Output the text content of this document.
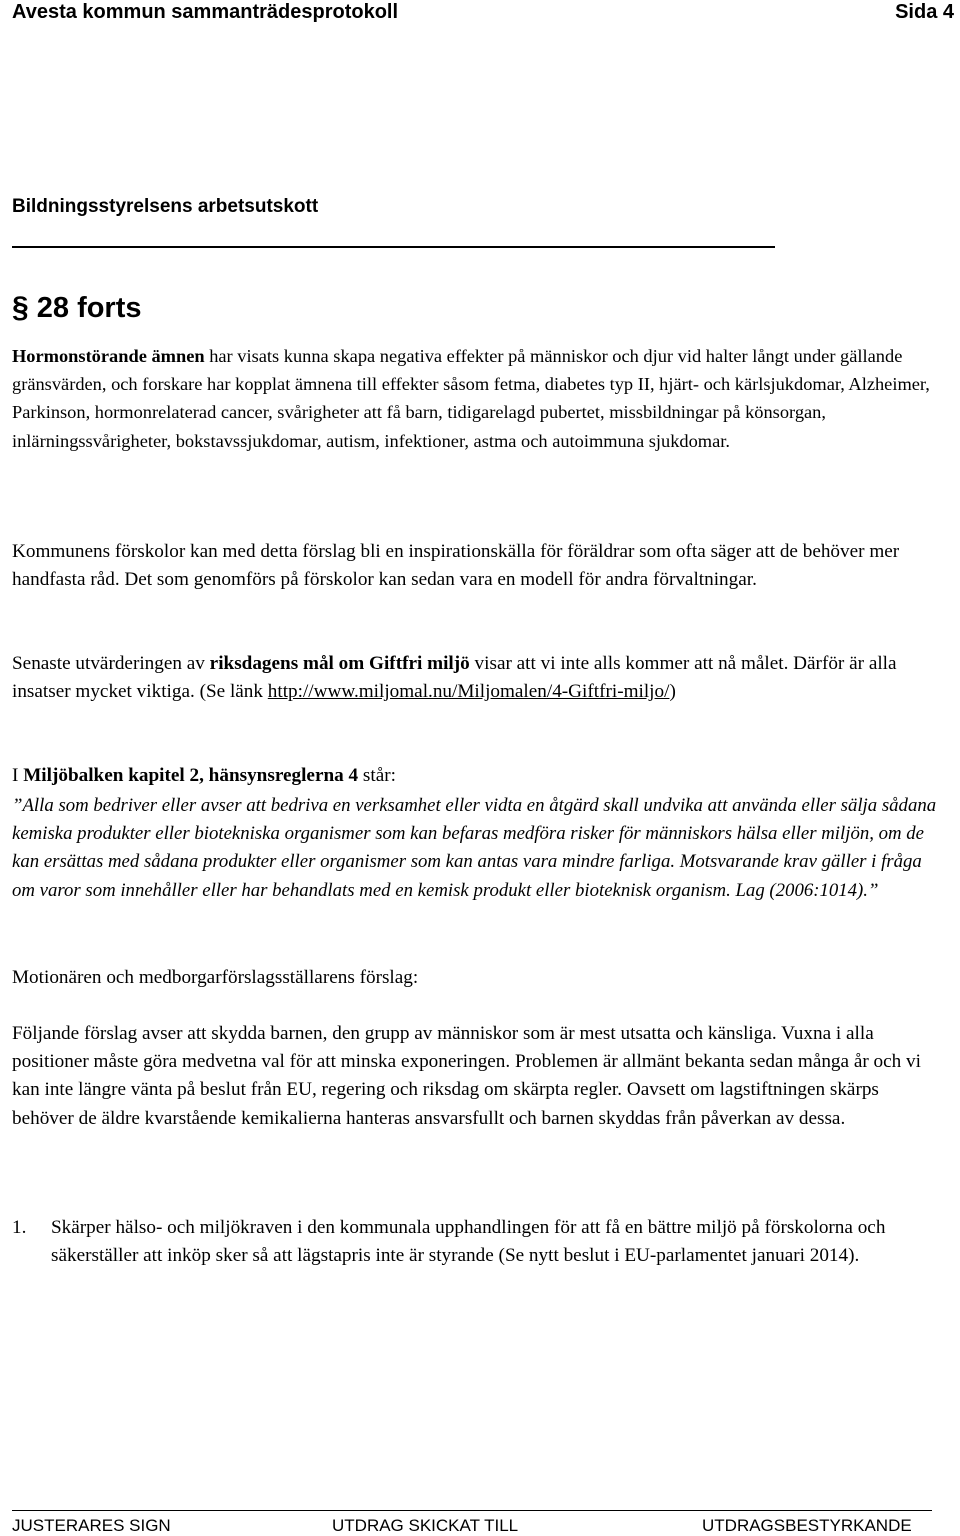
Avesta kommun sammanträdesprotokoll	Sida 4
Bildningsstyrelsens arbetsutskott
§ 28 forts

Hormonstörande ämnen har visats kunna skapa negativa effekter på människor och djur vid halter långt under gällande gränsvärden, och forskare har kopplat ämnena till effekter såsom fetma, diabetes typ II, hjärt- och kärlsjukdomar, Alzheimer, Parkinson, hormonrelaterad cancer, svårigheter att få barn, tidigarelagd pubertet, missbildningar på könsorgan, inlärningssvårigheter, bokstavssjukdomar, autism, infektioner, astma och autoimmuna sjukdomar.

Kommunens förskolor kan med detta förslag bli en inspirationskälla för föräldrar som ofta säger att de behöver mer handfasta råd. Det som genomförs på förskolor kan sedan vara en modell för andra förvaltningar.

Senaste utvärderingen av riksdagens mål om Giftfri miljö visar att vi inte alls kommer att nå målet. Därför är alla insatser mycket viktiga. (Se länk http://www.miljomal.nu/Miljomalen/4-Giftfri-miljo/)

I Miljöbalken kapitel 2, hänsynsreglerna 4 står:

”Alla som bedriver eller avser att bedriva en verksamhet eller vidta en åtgärd skall undvika att använda eller sälja sådana kemiska produkter eller biotekniska organismer som kan befaras medföra risker för människors hälsa eller miljön, om de kan ersättas med sådana produkter eller organismer som kan antas vara mindre farliga. Motsvarande krav gäller i fråga om varor som innehåller eller har behandlats med en kemisk produkt eller bioteknisk organism. Lag (2006:1014).”

Motionären och medborgarförslagsställarens förslag:

Följande förslag avser att skydda barnen, den grupp av människor som är mest utsatta och känsliga. Vuxna i alla positioner måste göra medvetna val för att minska exponeringen. Problemen är allmänt bekanta sedan många år och vi kan inte längre vänta på beslut från EU, regering och riksdag om skärpta regler. Oavsett om lagstiftningen skärps behöver de äldre kvarstående kemikalierna hanteras ansvarsfullt och barnen skyddas från påverkan av dessa.

1. Skärper hälso- och miljökraven i den kommunala upphandlingen för att få en bättre miljö på förskolorna och säkerställer att inköp sker så att lägstapris inte är styrande (Se nytt beslut i EU-parlamentet januari 2014).
JUSTERARES SIGN	UTDRAG SKICKAT TILL	UTDRAGSBESTYRKANDE
